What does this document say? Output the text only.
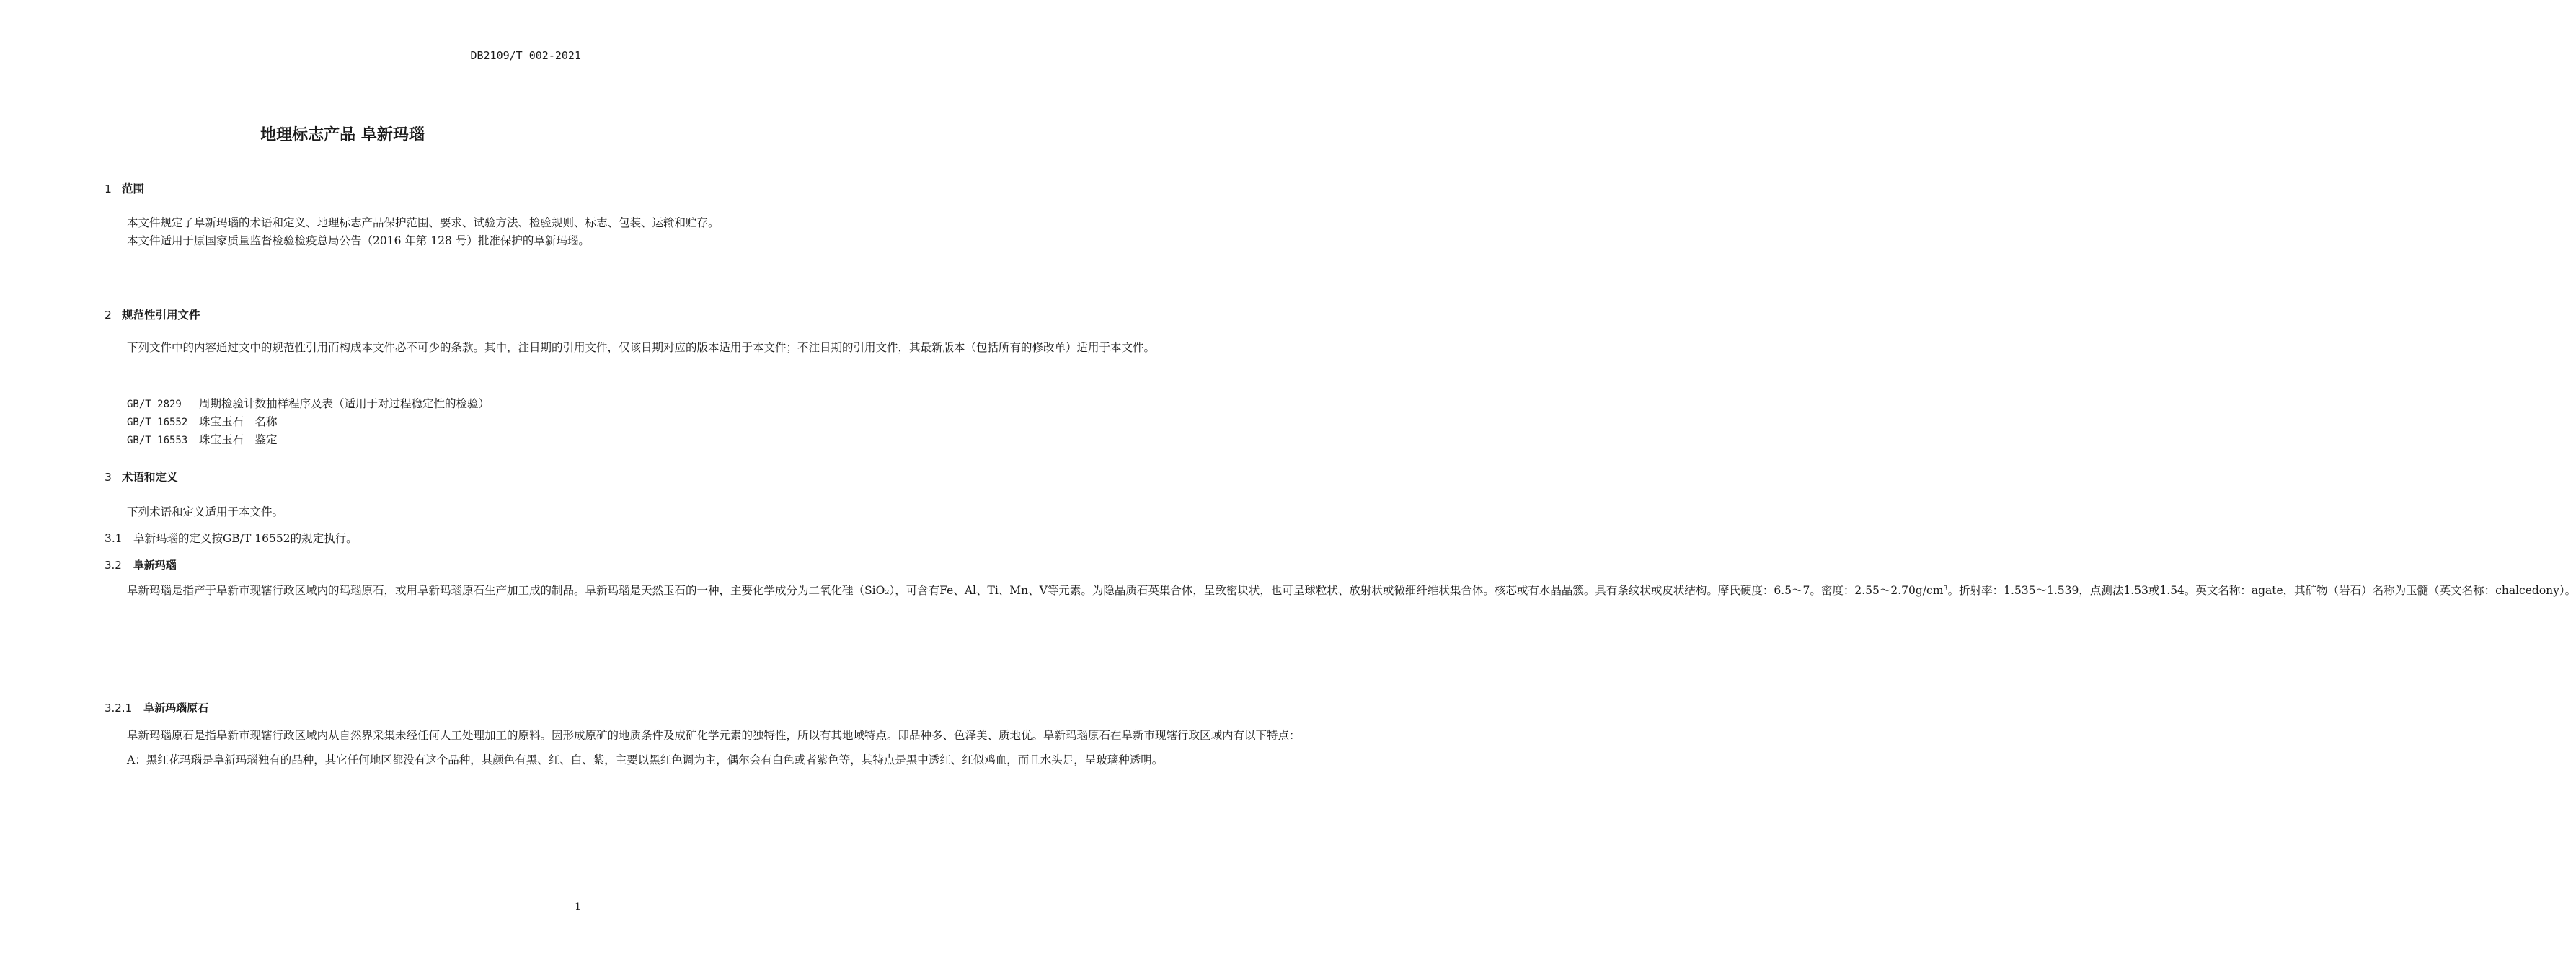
DB2109/T 002-2021
地理标志产品 阜新玛瑙
1 范围

本文件规定了阜新玛瑙的术语和定义、地理标志产品保护范围、要求、试验方法、检验规则、标志、包装、运输和贮存。

本文件适用于原国家质量监督检验检疫总局公告（2016 年第 128 号）批准保护的阜新玛瑙。

2 规范性引用文件

下列文件中的内容通过文中的规范性引用而构成本文件必不可少的条款。其中，注日期的引用文件，仅该日期对应的版本适用于本文件；不注日期的引用文件，其最新版本（包括所有的修改单）适用于本文件。

GB/T 2829 周期检验计数抽样程序及表（适用于对过程稳定性的检验）
GB/T 16552 珠宝玉石　名称
GB/T 16553 珠宝玉石　鉴定
3 术语和定义
下列术语和定义适用于本文件。
3.1 阜新玛瑙的定义按GB/T 16552的规定执行。
3.2 阜新玛瑙

阜新玛瑙是指产于阜新市现辖行政区域内的玛瑙原石，或用阜新玛瑙原石生产加工成的制品。阜新玛瑙是天然玉石的一种，主要化学成分为二氧化硅（SiO₂），可含有Fe、Al、Ti、Mn、V等元素。为隐晶质石英集合体，呈致密块状，也可呈球粒状、放射状或微细纤维状集合体。核芯或有水晶晶簇。具有条纹状或皮状结构。摩氏硬度：6.5～7。密度：2.55～2.70g/cm³。折射率：1.535～1.539，点测法1.53或1.54。英文名称：agate，其矿物（岩石）名称为玉髓（英文名称：chalcedony）。

3.2.1 阜新玛瑙原石

阜新玛瑙原石是指阜新市现辖行政区域内从自然界采集未经任何人工处理加工的原料。因形成原矿的地质条件及成矿化学元素的独特性，所以有其地域特点。即品种多、色泽美、质地优。阜新玛瑙原石在阜新市现辖行政区域内有以下特点：

A：黑红花玛瑙是阜新玛瑙独有的品种，其它任何地区都没有这个品种，其颜色有黑、红、白、紫，主要以黑红色调为主，偶尔会有白色或者紫色等，其特点是黑中透红、红似鸡血，而且水头足，呈玻璃种透明。

1
